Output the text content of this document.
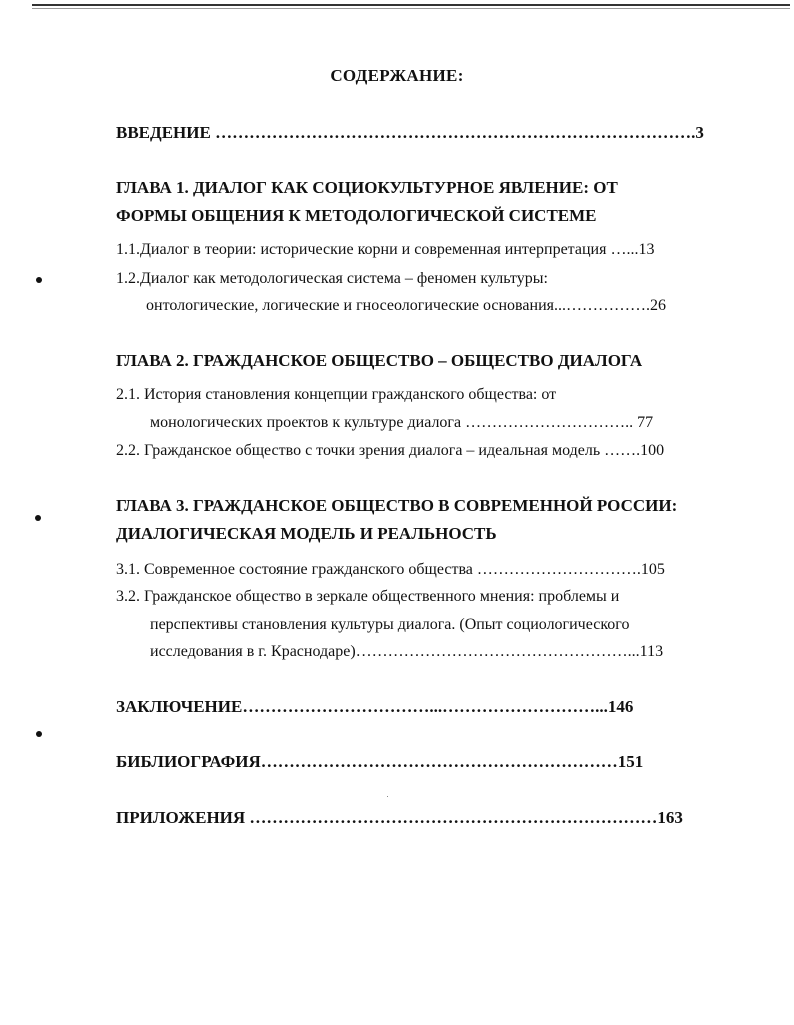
СОДЕРЖАНИЕ:
ВВЕДЕНИЕ ………………………………………………………………………….3
ГЛАВА 1. ДИАЛОГ КАК СОЦИОКУЛЬТУРНОЕ ЯВЛЕНИЕ: ОТ
ФОРМЫ ОБЩЕНИЯ К МЕТОДОЛОГИЧЕСКОЙ СИСТЕМЕ
1.1.Диалог в теории: исторические корни и современная интерпретация …...13
1.2.Диалог как методологическая система – феномен культуры:
онтологические, логические и гносеологические основания...…………….26
ГЛАВА 2. ГРАЖДАНСКОЕ ОБЩЕСТВО – ОБЩЕСТВО ДИАЛОГА
2.1. История становления концепции гражданского общества: от
монологических проектов к культуре диалога ………………………….. 77
2.2. Гражданское общество с точки зрения диалога – идеальная модель …….100
ГЛАВА 3. ГРАЖДАНСКОЕ ОБЩЕСТВО В СОВРЕМЕННОЙ РОССИИ:
ДИАЛОГИЧЕСКАЯ МОДЕЛЬ И РЕАЛЬНОСТЬ
3.1. Современное состояние гражданского общества ………………………….105
3.2. Гражданское общество в зеркале общественного мнения: проблемы и
перспективы становления культуры диалога. (Опыт социологического
исследования в г. Краснодаре)……………………………………………...113
ЗАКЛЮЧЕНИЕ……………………………...………………………...146
БИБЛИОГРАФИЯ………………………………………………………151
ПРИЛОЖЕНИЯ ………………………………………………………………163
